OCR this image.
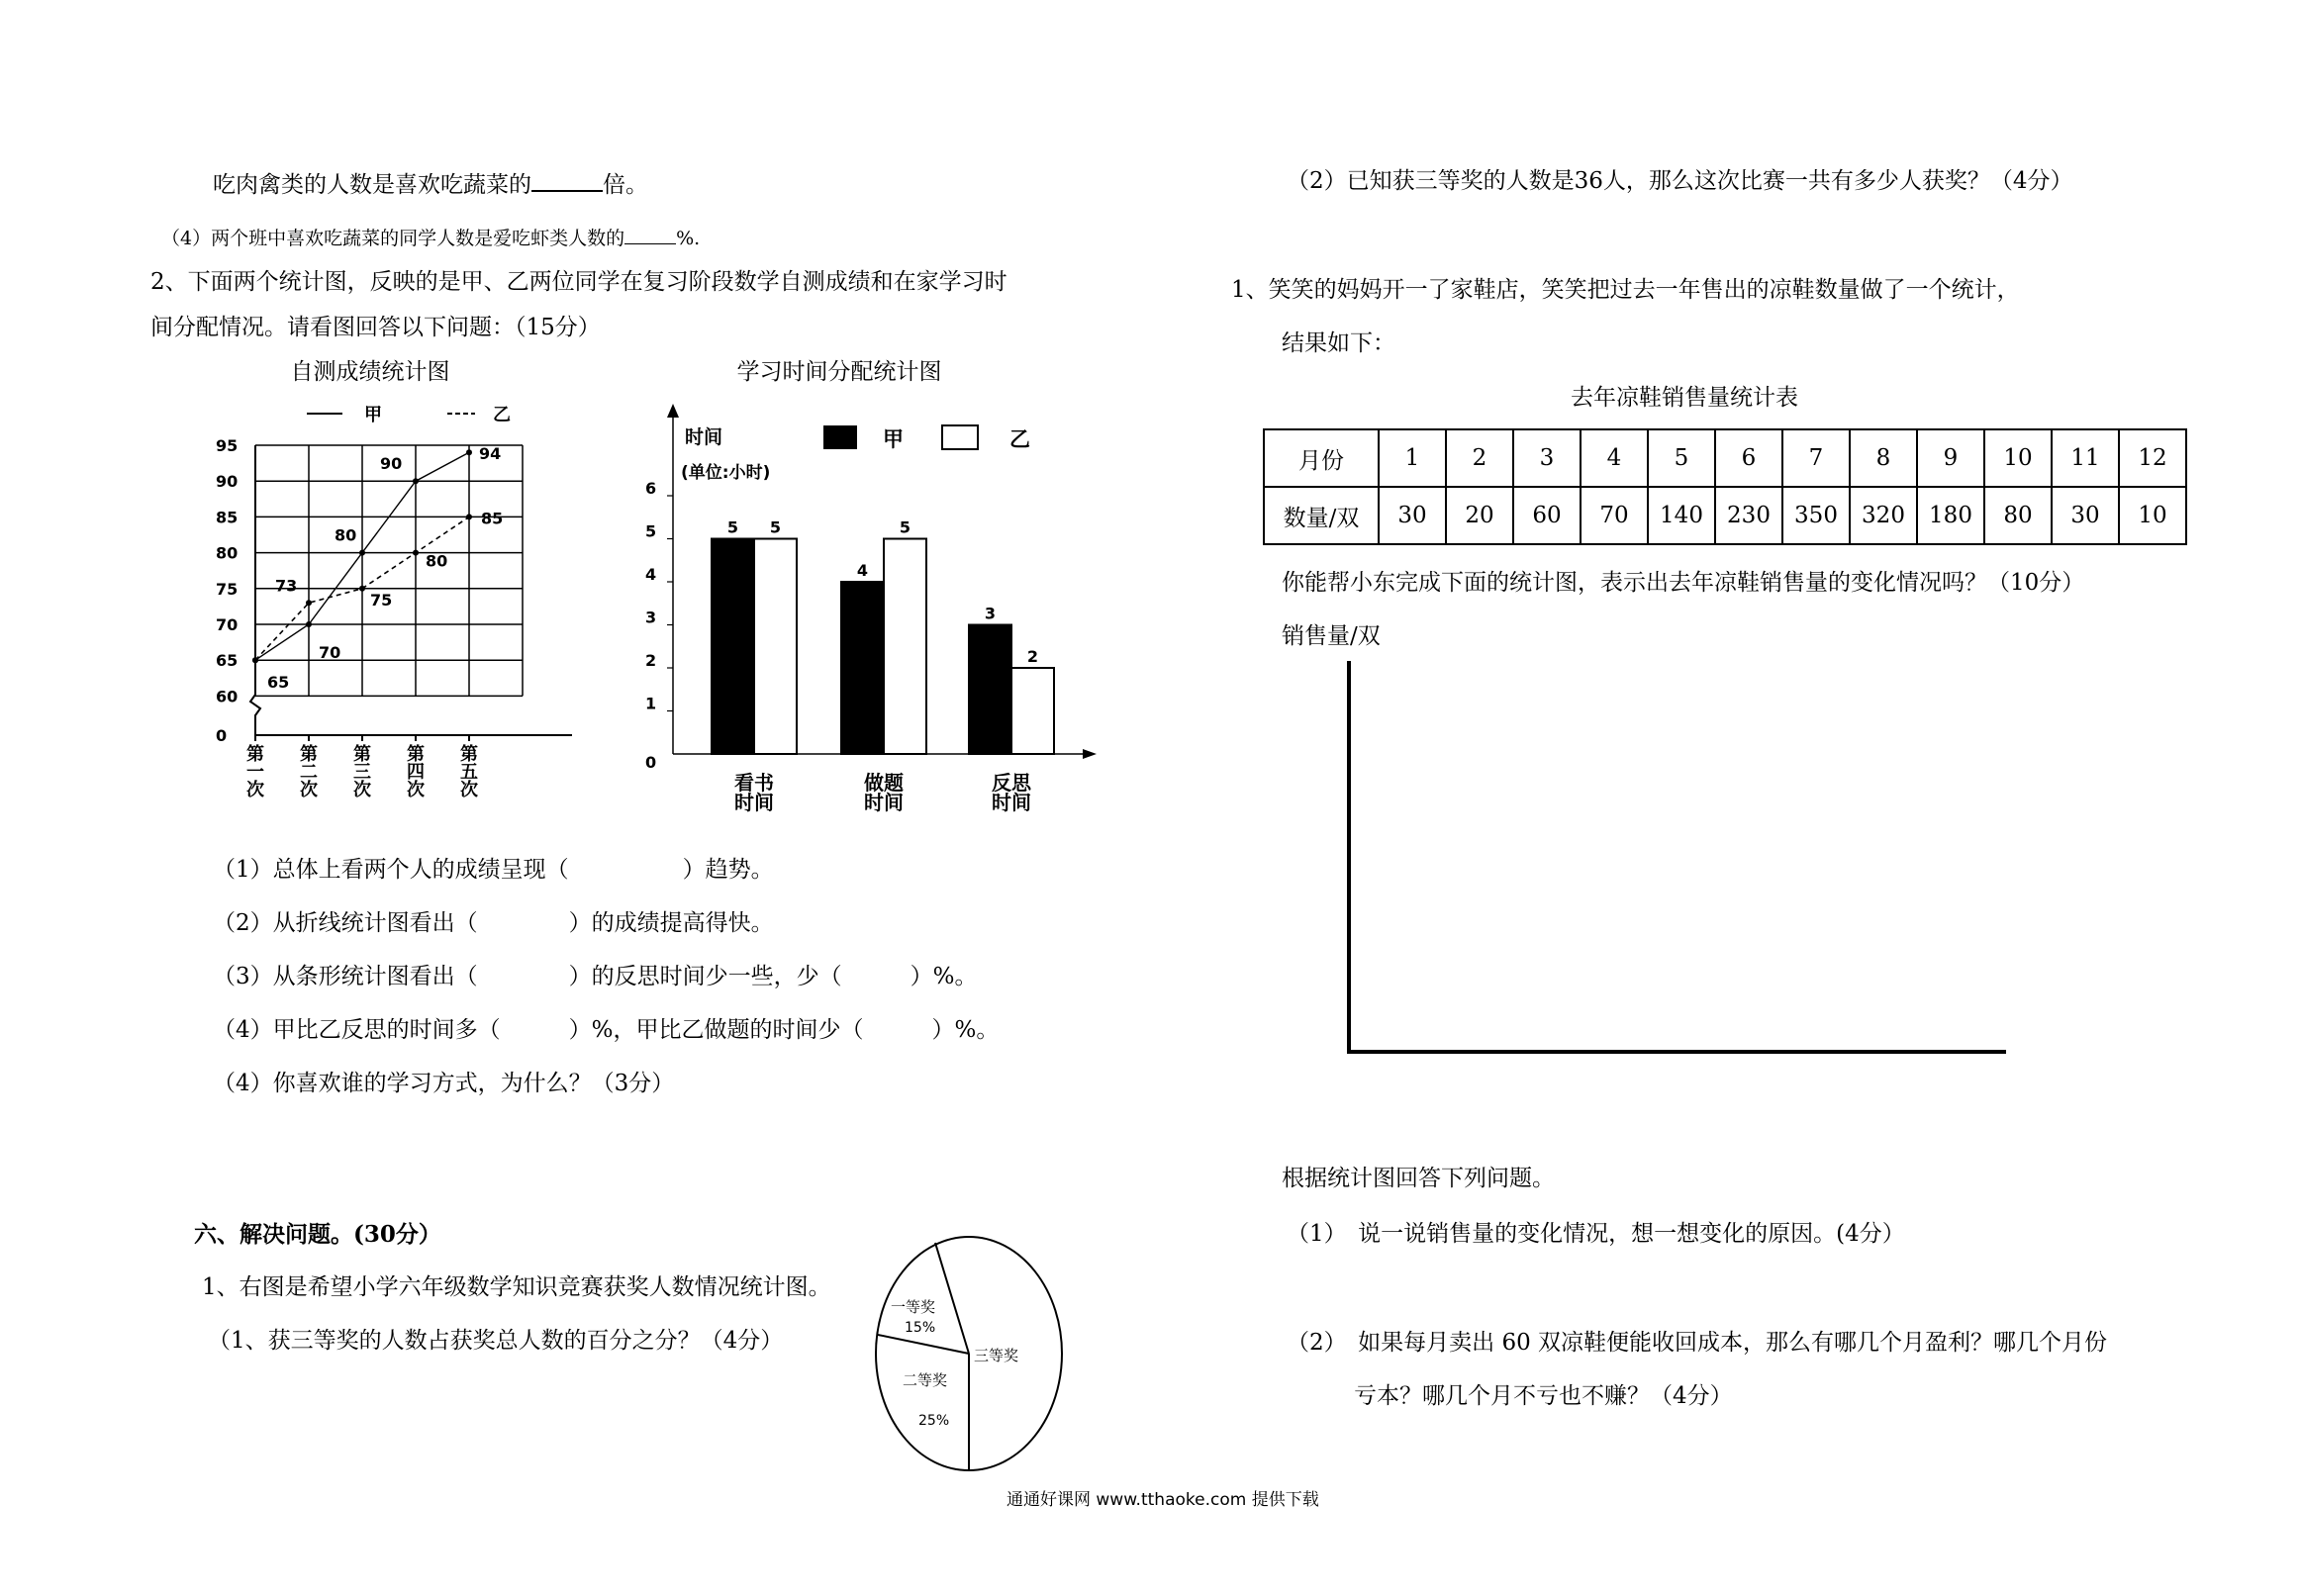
吃肉禽类的人数是喜欢吃蔬菜的	倍。
（4）两个班中喜欢吃蔬菜的同学人数是爱吃虾类人数的	%.
2、下面两个统计图，反映的是甲、乙两位同学在复习阶段数学自测成绩和在家学习时
间分配情况。请看图回答以下问题：（15分）
自测成绩统计图
甲	乙
0
60
65
70
75
80
85
90
95
第一次
第二次
第三次
第四次
第五次
65
70
80
90
94
73
75
80
85
学习时间分配统计图
时间
(单位:小时)
甲	乙
0
1
2
3
4
5
6
5 5
4
5
3
2
看书
时间
做题
时间
反思
时间
（1）总体上看两个人的成绩呈现（　　　　　）趋势。
（2）从折线统计图看出（　　　　）的成绩提高得快。
（3）从条形统计图看出（　　　　）的反思时间少一些，少（　　　）%。
（4）甲比乙反思的时间多（　　　）%，甲比乙做题的时间少（　　　）%。
（4）你喜欢谁的学习方式，为什么？（3分）
六、解决问题。(30分）
1、右图是希望小学六年级数学知识竞赛获奖人数情况统计图。
（1、获三等奖的人数占获奖总人数的百分之分？（4分）
一等奖
15%
二等奖
25%
三等奖
（2）已知获三等奖的人数是36人，那么这次比赛一共有多少人获奖？（4分）
1、笑笑的妈妈开一了家鞋店，笑笑把过去一年售出的凉鞋数量做了一个统计，
结果如下：
去年凉鞋销售量统计表
月份	1	2	3	4	5	6	7	8	9	10	11	12
数量/双	30	20	60	70	140	230	350	320	180	80	30	10
你能帮小东完成下面的统计图，表示出去年凉鞋销售量的变化情况吗？（10分）
销售量/双
根据统计图回答下列问题。
（1）　说一说销售量的变化情况，想一想变化的原因。(4分）
（2）　如果每月卖出 60 双凉鞋便能收回成本，那么有哪几个月盈利？哪几个月份
亏本？哪几个月不亏也不赚？（4分）
通通好课网 www.tthaoke.com 提供下载
